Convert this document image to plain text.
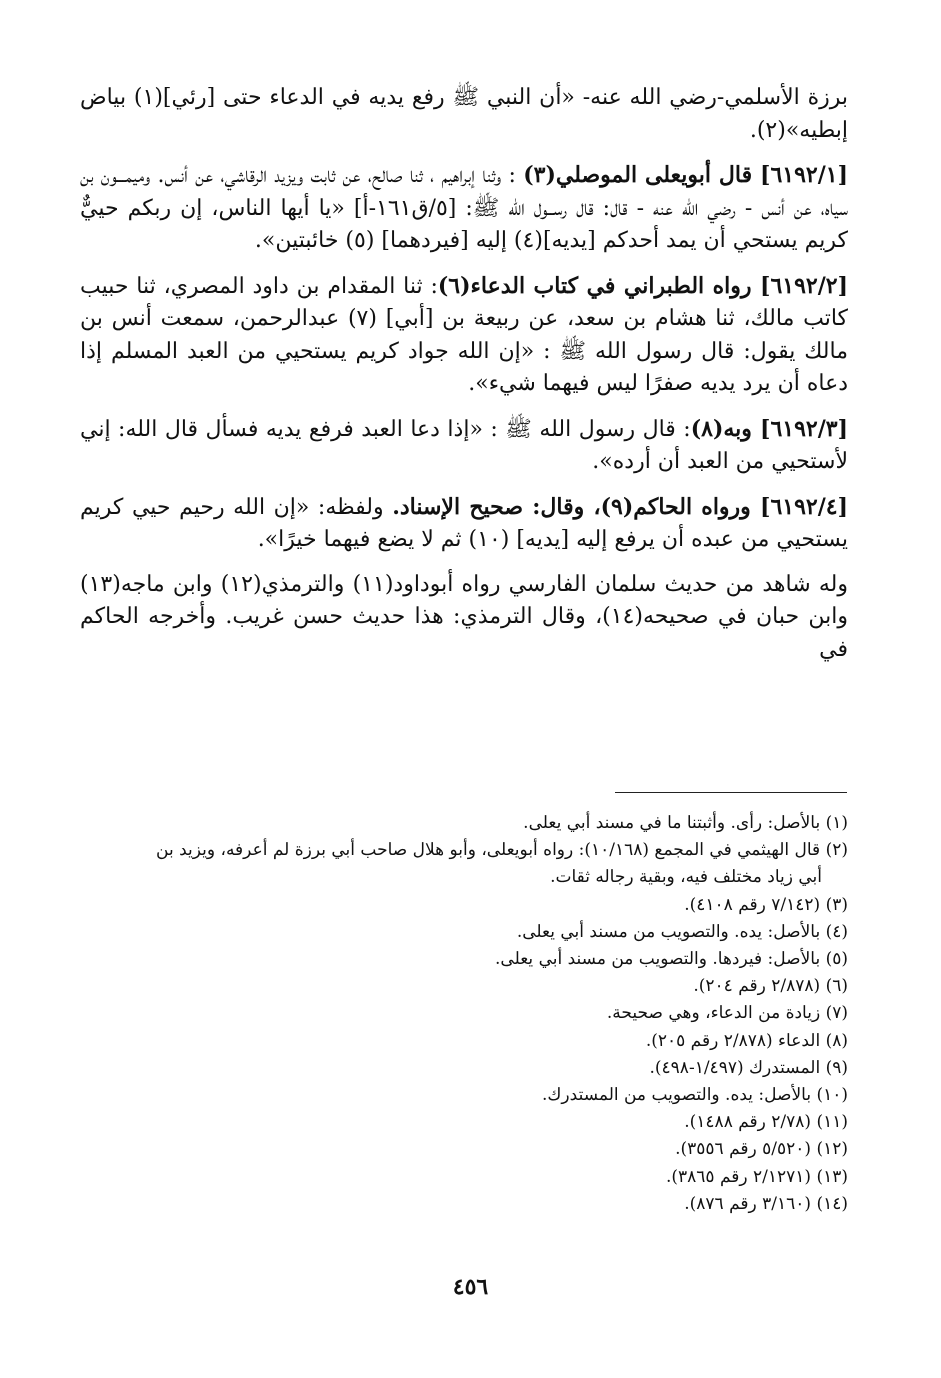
برزة الأسلمي-رضي الله عنه- «أن النبي ﷺ رفع يديه في الدعاء حتى [رئي](١) بياض إبطيه»(٢).

[٦١٩٢/١] قال أبويعلى الموصلي(٣) : وثنا إبراهيم ، ثنا صالح، عن ثابت ويزيد الرقاشي، عن أنس. وميمـــون بن سياه، عن أنس - رضي الله عنه - قال: قال رســول الله ﷺ: [٥/ق١٦١-أ] «يا أيها الناس، إن ربكم حييٌّ كريم يستحي أن يمد أحدكم [يديه](٤) إليه [فيردهما] (٥) خائبتين».

[٦١٩٢/٢] رواه الطبراني في كتاب الدعاء(٦): ثنا المقدام بن داود المصري، ثنا حبيب كاتب مالك، ثنا هشام بن سعد، عن ربيعة بن [أبي] (٧) عبدالرحمن، سمعت أنس بن مالك يقول: قال رسول الله ﷺ : «إن الله جواد كريم يستحيي من العبد المسلم إذا دعاه أن يرد يديه صفرًا ليس فيهما شيء».

[٦١٩٢/٣] وبه(٨): قال رسول الله ﷺ : «إذا دعا العبد فرفع يديه فسأل قال الله: إني لأستحيي من العبد أن أرده».

[٦١٩٢/٤] ورواه الحاكم(٩)، وقال: صحيح الإسناد. ولفظه: «إن الله رحيم حيي كريم يستحيي من عبده أن يرفع إليه [يديه] (١٠) ثم لا يضع فيهما خيرًا».

وله شاهد من حديث سلمان الفارسي رواه أبوداود(١١) والترمذي(١٢) وابن ماجه(١٣) وابن حبان في صحيحه(١٤)، وقال الترمذي: هذا حديث حسن غريب. وأخرجه الحاكم في

(١) بالأصل: رأى. وأثبتنا ما في مسند أبي يعلى.

(٢) قال الهيثمي في المجمع (١٠/١٦٨): رواه أبويعلى، وأبو هلال صاحب أبي برزة لم أعرفه، ويزيد بن
أبي زياد مختلف فيه، وبقية رجاله ثقات.

(٣) (٧/١٤٢ رقم ٤١٠٨).

(٤) بالأصل: يده. والتصويب من مسند أبي يعلى.

(٥) بالأصل: فيردها. والتصويب من مسند أبي يعلى.

(٦) (٢/٨٧٨ رقم ٢٠٤).

(٧) زيادة من الدعاء، وهي صحيحة.

(٨) الدعاء (٢/٨٧٨ رقم ٢٠٥).

(٩) المستدرك (١/٤٩٧-٤٩٨).

(١٠) بالأصل: يده. والتصويب من المستدرك.

(١١) (٢/٧٨ رقم ١٤٨٨).

(١٢) (٥/٥٢٠ رقم ٣٥٥٦).

(١٣) (٢/١٢٧١ رقم ٣٨٦٥).

(١٤) (٣/١٦٠ رقم ٨٧٦).

٤٥٦
